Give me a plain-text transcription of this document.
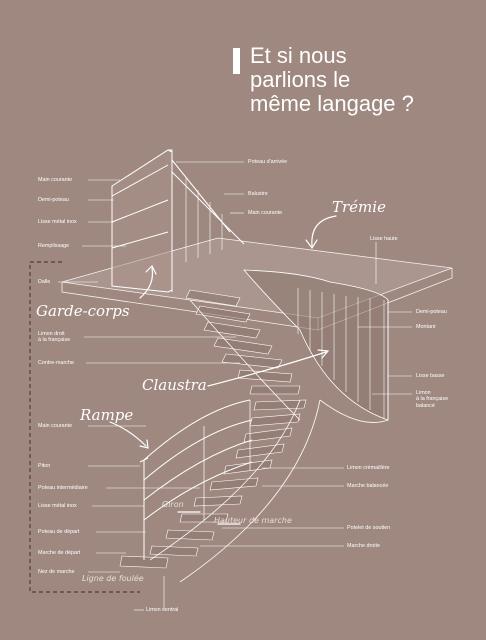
Et si nous
parlions le
même langage ?
Garde-corps
Trémie
Claustra
Rampe
Main courante
Demi-poteau
Lisse métal inox
Remplissage
Dalle
Limon droit
à la française
Contre-marche
Main courante
Piton
Poteau intermédiaire
Lisse métal inox
Poteau de départ
Marche de départ
Nez de marche
Poteau d'arrivée
Balustre
Main courante
Lisse haute
Demi-poteau
Montant
Lisse basse
Limon
à la française
balancé
Limon crémaillère
Marche balancée
Potelet de soutien
Marche droite
Limon central
Giron
Hauteur de marche
Ligne de foulée
